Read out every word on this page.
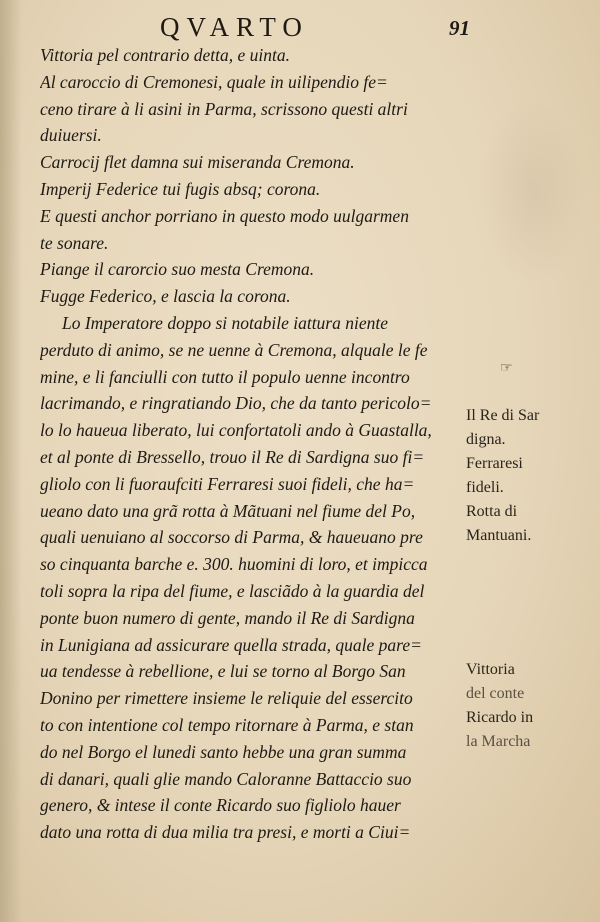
QVARTO	91
Vittoria pel contrario detta, e uinta.
Al caroccio di Cremonesi, quale in uilipendio fe=
ceno tirare à li asini in Parma, scrissono questi altri
duiuersi.
Carrocij flet damna sui miseranda Cremona.
Imperij Federice tui fugis absq; corona.
E questi anchor porriano in questo modo uulgarmen
te sonare.
Piange il carorcio suo mesta Cremona.
Fugge Federico, e lascia la corona.
Lo Imperatore doppo si notabile iattura niente
perduto di animo, se ne uenne à Cremona, alquale le fe
mine, e li fanciulli con tutto il populo uenne incontro
lacrimando, e ringratiando Dio, che da tanto pericolo=
lo lo haueua liberato, lui confortatoli ando à Guastalla,
et al ponte di Bressello, trouo il Re di Sardigna suo fi=
gliolo con li fuoraufciti Ferraresi suoi fideli, che ha=
ueano dato una grã rotta à Mãtuani nel fiume del Po,
quali uenuiano al soccorso di Parma, & haueuano pre
so cinquanta barche e. 300. huomini di loro, et impicca
toli sopra la ripa del fiume, e lasciãdo à la guardia del
ponte buon numero di gente, mando il Re di Sardigna
in Lunigiana ad assicurare quella strada, quale pare=
ua tendesse à rebellione, e lui se torno al Borgo San
Donino per rimettere insieme le reliquie del essercito
to con intentione col tempo ritornare à Parma, e stan
do nel Borgo el lunedi santo hebbe una gran summa
di danari, quali glie mando Caloranne Battaccio suo
genero, & intese il conte Ricardo suo figliolo hauer
dato una rotta di dua milia tra presi, e morti a Ciui=
☞
Il Re di Sar
digna.
Ferraresi
fideli.
Rotta di
Mantuani.
Vittoria
del conte
Ricardo in
la Marcha
